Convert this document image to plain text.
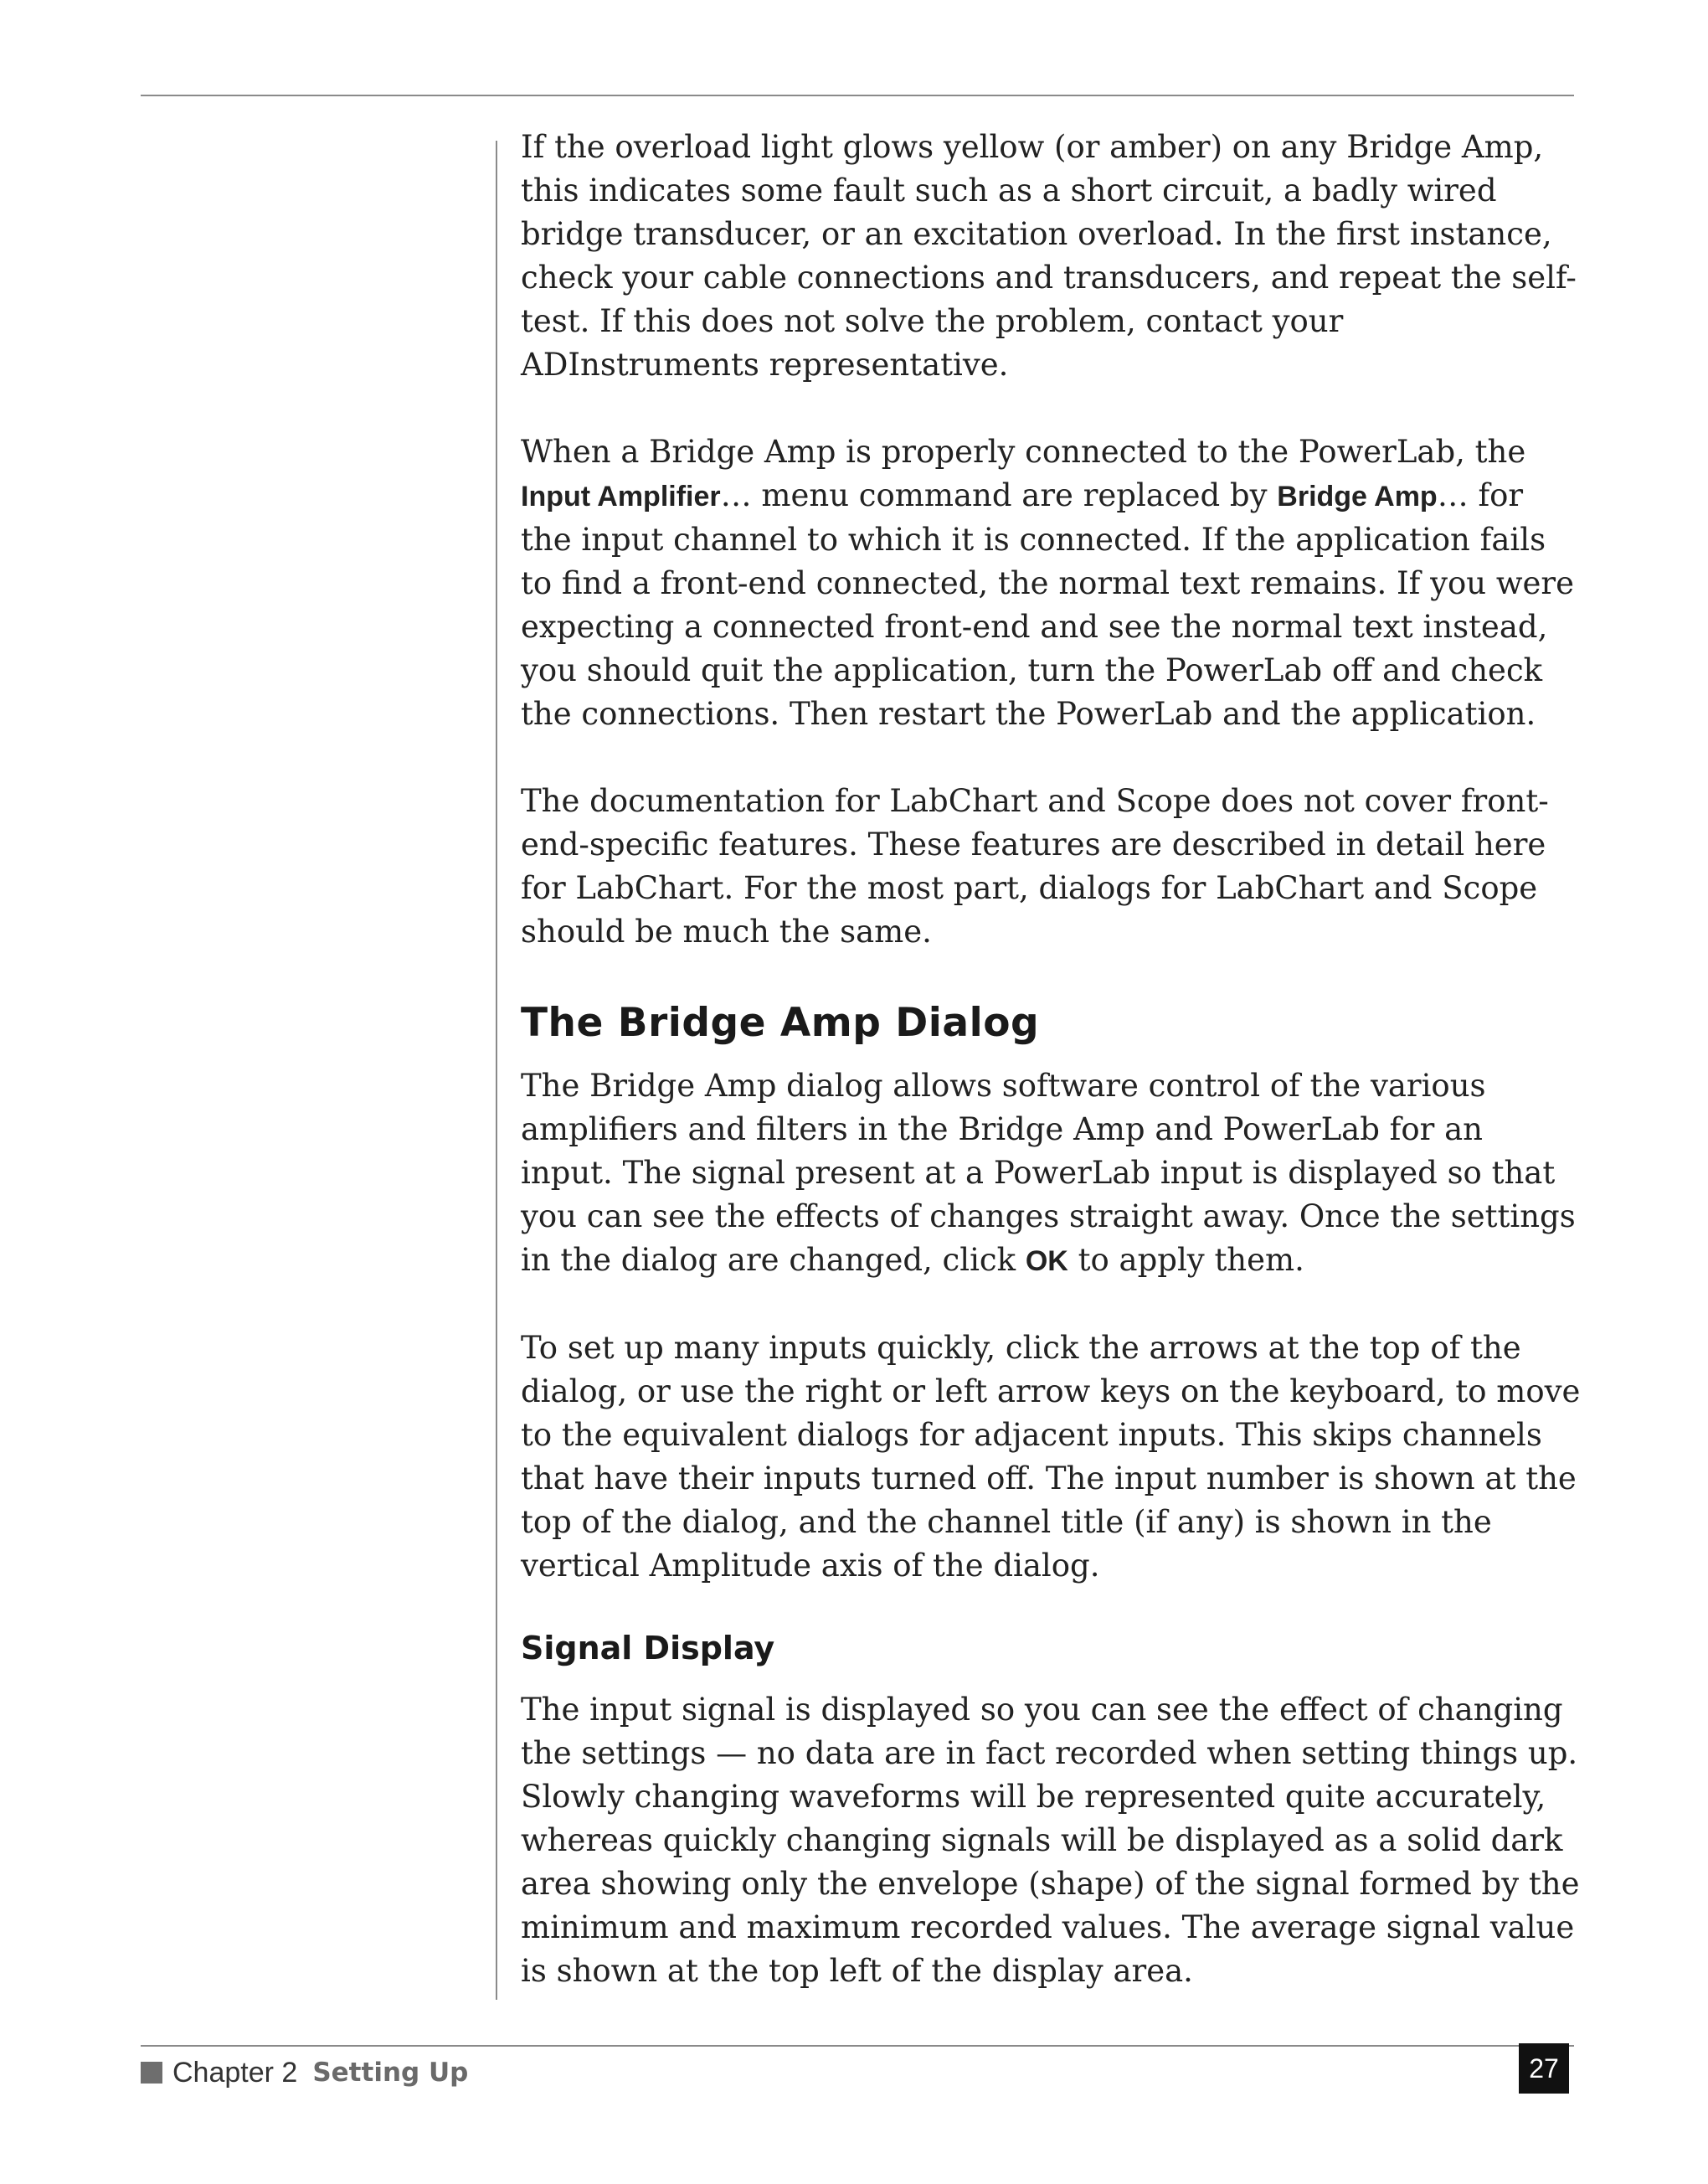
If the overload light glows yellow (or amber) on any Bridge Amp, this indicates some fault such as a short circuit, a badly wired bridge transducer, or an excitation overload. In the first instance, check your cable connections and transducers, and repeat the self-test. If this does not solve the problem, contact your ADInstruments representative.

When a Bridge Amp is properly connected to the PowerLab, the Input Amplifier… menu command are replaced by Bridge Amp… for the input channel to which it is connected. If the application fails to find a front-end connected, the normal text remains. If you were expecting a connected front-end and see the normal text instead, you should quit the application, turn the PowerLab off and check the connections. Then restart the PowerLab and the application.

The documentation for LabChart and Scope does not cover front-end-specific features. These features are described in detail here for LabChart. For the most part, dialogs for LabChart and Scope should be much the same.

The Bridge Amp Dialog

The Bridge Amp dialog allows software control of the various amplifiers and filters in the Bridge Amp and PowerLab for an input. The signal present at a PowerLab input is displayed so that you can see the effects of changes straight away. Once the settings in the dialog are changed, click OK to apply them.

To set up many inputs quickly, click the arrows at the top of the dialog, or use the right or left arrow keys on the keyboard, to move to the equivalent dialogs for adjacent inputs. This skips channels that have their inputs turned off. The input number is shown at the top of the dialog, and the channel title (if any) is shown in the vertical Amplitude axis of the dialog.

Signal Display

The input signal is displayed so you can see the effect of changing the settings — no data are in fact recorded when setting things up. Slowly changing waveforms will be represented quite accurately, whereas quickly changing signals will be displayed as a solid dark area showing only the envelope (shape) of the signal formed by the minimum and maximum recorded values. The average signal value is shown at the top left of the display area.

Chapter 2 Setting Up	27
